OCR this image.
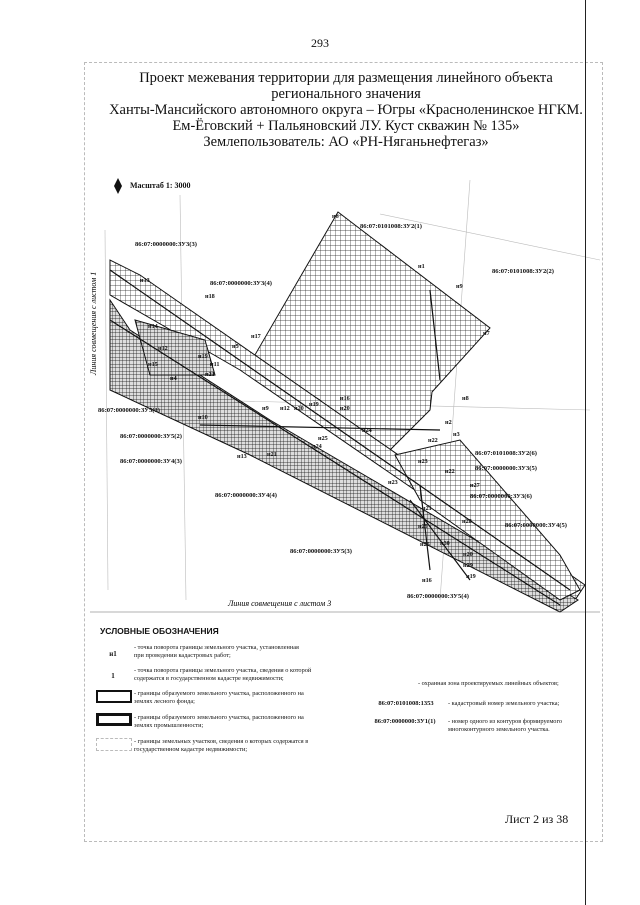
293
Проект межевания территории для размещения линейного объекта
регионального значения
Ханты-Мансийского автономного округа – Югры «Красноленинское НГКМ.
Ем-Ёговский + Пальяновский ЛУ. Куст скважин № 135»
Землепользователь: АО «РН-Няганьнефтегаз»
86:07:0101008:ЗУ2(1)
86:07:0101008:ЗУ2(2)
86:07:0000000:ЗУ3(3)
86:07:0000000:ЗУ3(4)
86:07:0000000:ЗУ5(1)
86:07:0000000:ЗУ5(2)
86:07:0000000:ЗУ4(3)
86:07:0101008:ЗУ2(6)
86:07:0000000:ЗУ3(5)
86:07:0000000:ЗУ3(6)
86:07:0000000:ЗУ4(4)
86:07:0000000:ЗУ4(5)
86:07:0000000:ЗУ5(3)
86:07:0000000:ЗУ5(4)
н6
н1
н9
н7
н13
н18
н17
н5
н14
н12
н11
н19
н15
н4
н21
н10
н20
н16	н8
н2
н3
н9	н20
н12
н19
н25
н24
н24
н22
н23
н13	н21
н22
н27
н23
н21
н28
н25
н26 н30
н20
н29
н19
н16
Линия совмещения с листом 1
Линия совмещения с листом 3
Масштаб 1: 3000
УСЛОВНЫЕ ОБОЗНАЧЕНИЯ
н1
- точка поворота границы земельного участка, установленная при проведении кадастровых работ;
1
- точка поворота границы земельного участка, сведения о которой содержатся в государственном кадастре недвижимости;
- границы образуемого земельного участка, расположенного на землях лесного фонда;
- границы образуемого земельного участка, расположенного на землях промышленности;
- границы земельных участков, сведения о которых содержатся в государственном кадастре недвижимости;
- охранная зона проектируемых линейных объектов;
86:07:0101008:1353	- кадастровый номер земельного участка;
86:07:0000000:ЗУ1(1)	- номер одного из контуров формируемого многоконтурного земельного участка.
Лист 2 из 38
